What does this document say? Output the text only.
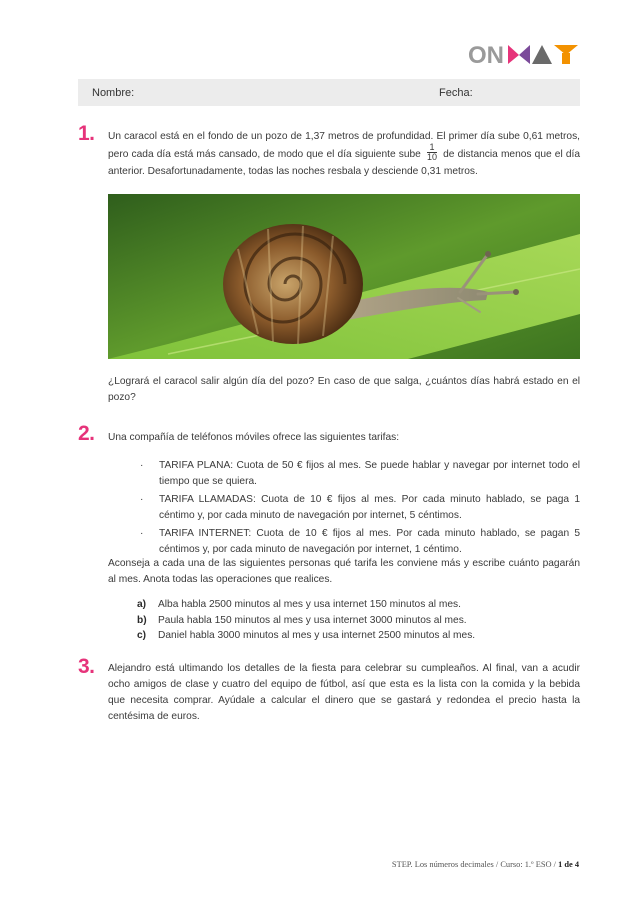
ON
Nombre:	Fecha:
1. Un caracol está en el fondo de un pozo de 1,37 metros de profundidad. El primer día sube 0,61 metros, pero cada día está más cansado, de modo que el día siguiente sube $\frac{1}{10}$ de distancia menos que el día anterior. Desafortunadamente, todas las noches resbala y desciende 0,31 metros.
¿Logrará el caracol salir algún día del pozo? En caso de que salga, ¿cuántos días habrá estado en el pozo?
2. Una compañía de teléfonos móviles ofrece las siguientes tarifas:
· TARIFA PLANA: Cuota de 50 € fijos al mes. Se puede hablar y navegar por internet todo el tiempo que se quiera.
· TARIFA LLAMADAS: Cuota de 10 € fijos al mes. Por cada minuto hablado, se paga 1 céntimo y, por cada minuto de navegación por internet, 5 céntimos.
· TARIFA INTERNET: Cuota de 10 € fijos al mes. Por cada minuto hablado, se pagan 5 céntimos y, por cada minuto de navegación por internet, 1 céntimo.
Aconseja a cada una de las siguientes personas qué tarifa les conviene más y escribe cuánto pagarán al mes. Anota todas las operaciones que realices.
a) Alba habla 2500 minutos al mes y usa internet 150 minutos al mes.
b) Paula habla 150 minutos al mes y usa internet 3000 minutos al mes.
c) Daniel habla 3000 minutos al mes y usa internet 2500 minutos al mes.
3. Alejandro está ultimando los detalles de la fiesta para celebrar su cumpleaños. Al final, van a acudir ocho amigos de clase y cuatro del equipo de fútbol, así que esta es la lista con la comida y la bebida que necesita comprar. Ayúdale a calcular el dinero que se gastará y redondea el precio hasta la centésima de euros.
STEP. Los números decimales / Curso: 1.º ESO / 1 de 4
